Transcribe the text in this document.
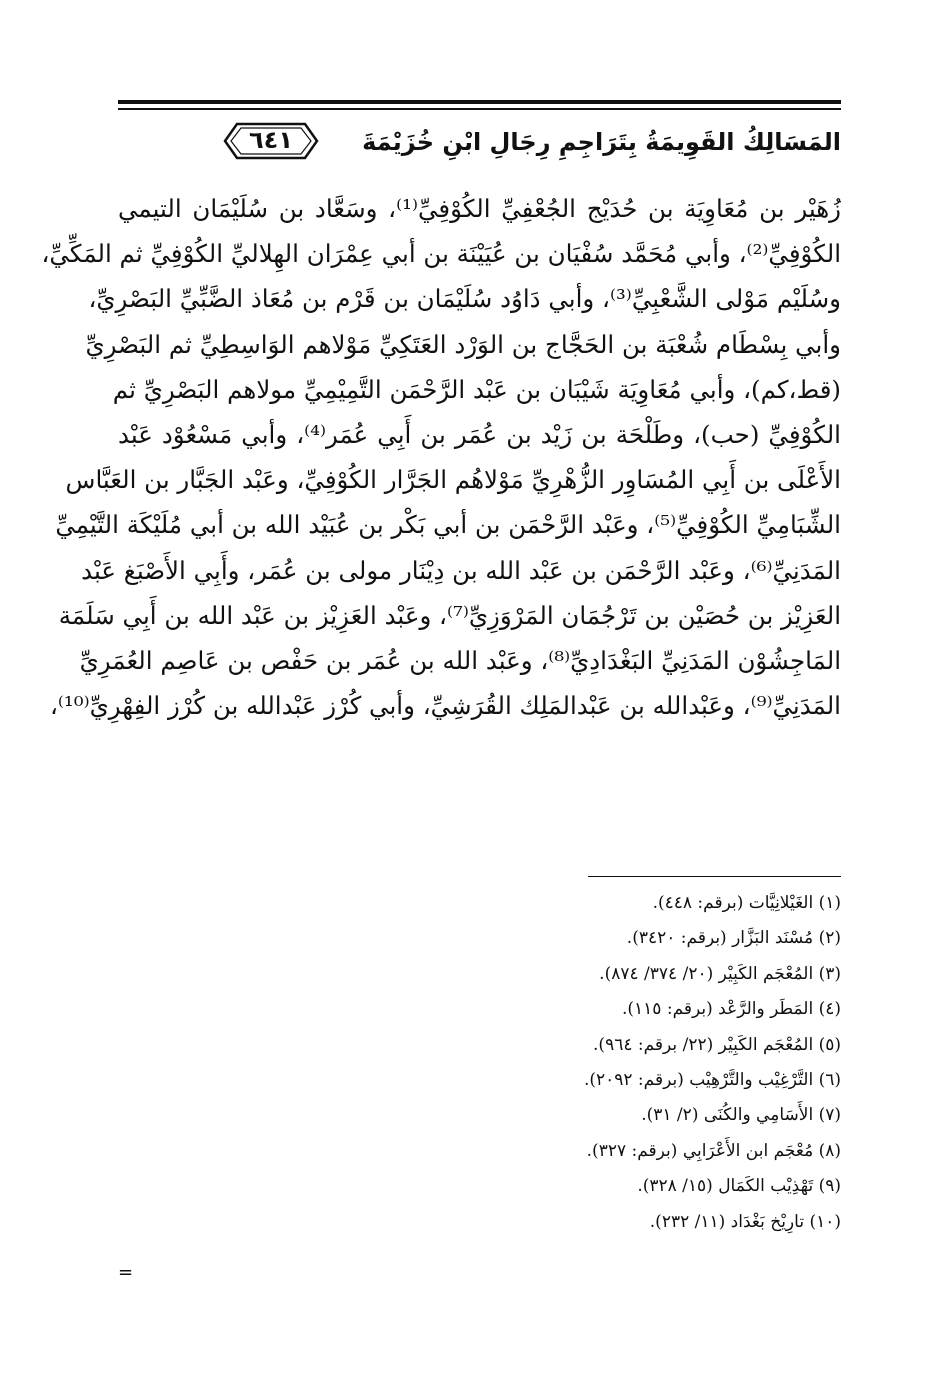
٦٤١	المَسَالِكُ القَوِيمَةُ بِتَرَاجِمِ رِجَالِ ابْنِ خُزَيْمَةَ
زُهَيْر بن مُعَاوِيَة بن حُدَيْج الجُعْفِيِّ الكُوْفِيِّ⁽¹⁾، وسَعَّاد بن سُلَيْمَان التيمي
الكُوْفِيِّ⁽²⁾، وأبي مُحَمَّد سُفْيَان بن عُيَيْنَة بن أبي عِمْرَان الهِلاليِّ الكُوْفِيِّ ثم المَكِّيِّ،
وسُلَيْم مَوْلى الشَّعْبِيِّ⁽³⁾، وأبي دَاوُد سُلَيْمَان بن قَرْم بن مُعَاذ الضَّبِّيِّ البَصْرِيِّ،
وأبي بِسْطَام شُعْبَة بن الحَجَّاج بن الوَرْد العَتَكِيِّ مَوْلاهم الوَاسِطِيِّ ثم البَصْرِيِّ
(قط،كم)، وأبي مُعَاوِيَة شَيْبَان بن عَبْد الرَّحْمَن التَّمِيْمِيِّ مولاهم البَصْرِيِّ ثم
الكُوْفِيِّ (حب)، وطَلْحَة بن زَيْد بن عُمَر بن أَبِي عُمَر⁽⁴⁾، وأبي مَسْعُوْد عَبْد
الأَعْلَى بن أَبِي المُسَاوِر الزُّهْرِيِّ مَوْلاهُم الجَرَّار الكُوْفِيِّ، وعَبْد الجَبَّار بن العَبَّاس
الشِّبَامِيِّ الكُوْفِيِّ⁽⁵⁾، وعَبْد الرَّحْمَن بن أبي بَكْر بن عُبَيْد الله بن أبي مُلَيْكَة التَّيْمِيِّ
المَدَنِيِّ⁽⁶⁾، وعَبْد الرَّحْمَن بن عَبْد الله بن دِيْنَار مولى بن عُمَر، وأَبِي الأَصْبَغ عَبْد
العَزِيْز بن حُصَيْن بن تَرْجُمَان المَرْوَزِيِّ⁽⁷⁾، وعَبْد العَزِيْز بن عَبْد الله بن أَبِي سَلَمَة
المَاجِشُوْن المَدَنِيِّ البَغْدَادِيِّ⁽⁸⁾، وعَبْد الله بن عُمَر بن حَفْص بن عَاصِم العُمَرِيِّ
المَدَنِيِّ⁽⁹⁾، وعَبْدالله بن عَبْدالمَلِك القُرَشِيِّ، وأبي كُرْز عَبْدالله بن كُرْز الفِهْرِيِّ⁽¹⁰⁾،
(١) الغَيْلانِيَّات (برقم: ٤٤٨).
(٢) مُسْنَد البَزَّار (برقم: ٣٤٢٠).
(٣) المُعْجَم الكَبِيْر (٢٠/ ٣٧٤/ ٨٧٤).
(٤) المَطَر والرَّعْد (برقم: ١١٥).
(٥) المُعْجَم الكَبِيْر (٢٢/ برقم: ٩٦٤).
(٦) التَّرْغِيْب والتَّرْهِيْب (برقم: ٢٠٩٢).
(٧) الأَسَامِي والكُنَى (٢/ ٣١).
(٨) مُعْجَم ابن الأَعْرَابِي (برقم: ٣٢٧).
(٩) تَهْذِيْب الكَمَال (١٥/ ٣٢٨).
(١٠) تارِيْخ بَغْدَاد (١١/ ٢٣٢).
=
